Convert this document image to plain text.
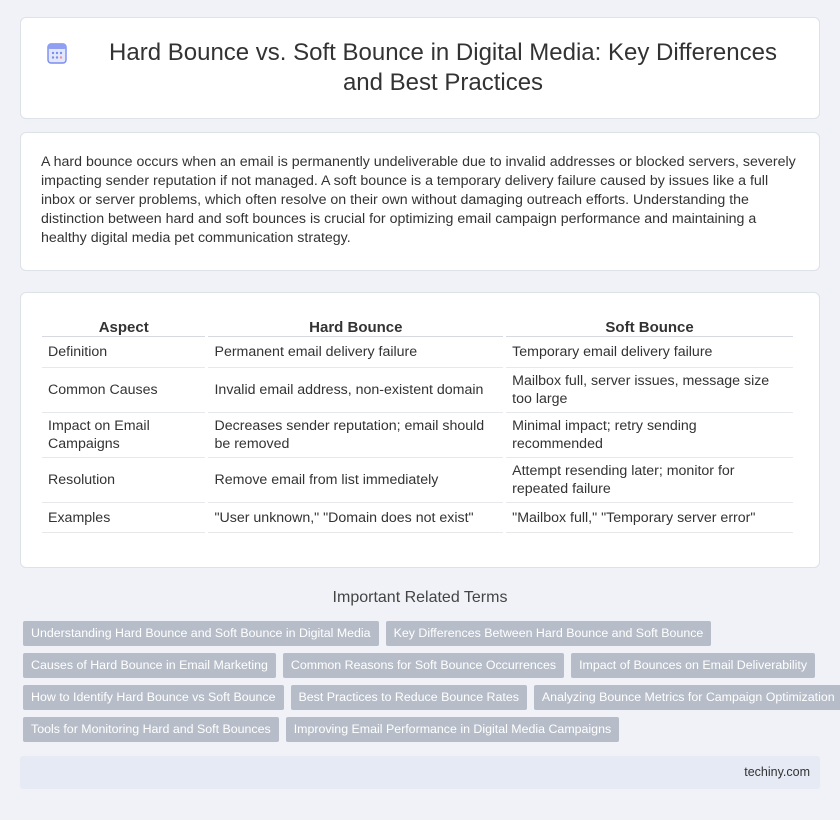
Hard Bounce vs. Soft Bounce in Digital Media: Key Differences and Best Practices

A hard bounce occurs when an email is permanently undeliverable due to invalid addresses or blocked servers, severely impacting sender reputation if not managed. A soft bounce is a temporary delivery failure caused by issues like a full inbox or server problems, which often resolve on their own without damaging outreach efforts. Understanding the distinction between hard and soft bounces is crucial for optimizing email campaign performance and maintaining a healthy digital media pet communication strategy.

Aspect	Hard Bounce	Soft Bounce
Definition	Permanent email delivery failure	Temporary email delivery failure
Common Causes	Invalid email address, non-existent domain	Mailbox full, server issues, message size too large
Impact on Email Campaigns	Decreases sender reputation; email should be removed	Minimal impact; retry sending recommended
Resolution	Remove email from list immediately	Attempt resending later; monitor for repeated failure
Examples	"User unknown," "Domain does not exist"	"Mailbox full," "Temporary server error"
Important Related Terms
Understanding Hard Bounce and Soft Bounce in Digital Media	Key Differences Between Hard Bounce and Soft Bounce
Causes of Hard Bounce in Email Marketing	Common Reasons for Soft Bounce Occurrences	Impact of Bounces on Email Deliverability
How to Identify Hard Bounce vs Soft Bounce	Best Practices to Reduce Bounce Rates	Analyzing Bounce Metrics for Campaign Optimization
Tools for Monitoring Hard and Soft Bounces	Improving Email Performance in Digital Media Campaigns
techiny.com
